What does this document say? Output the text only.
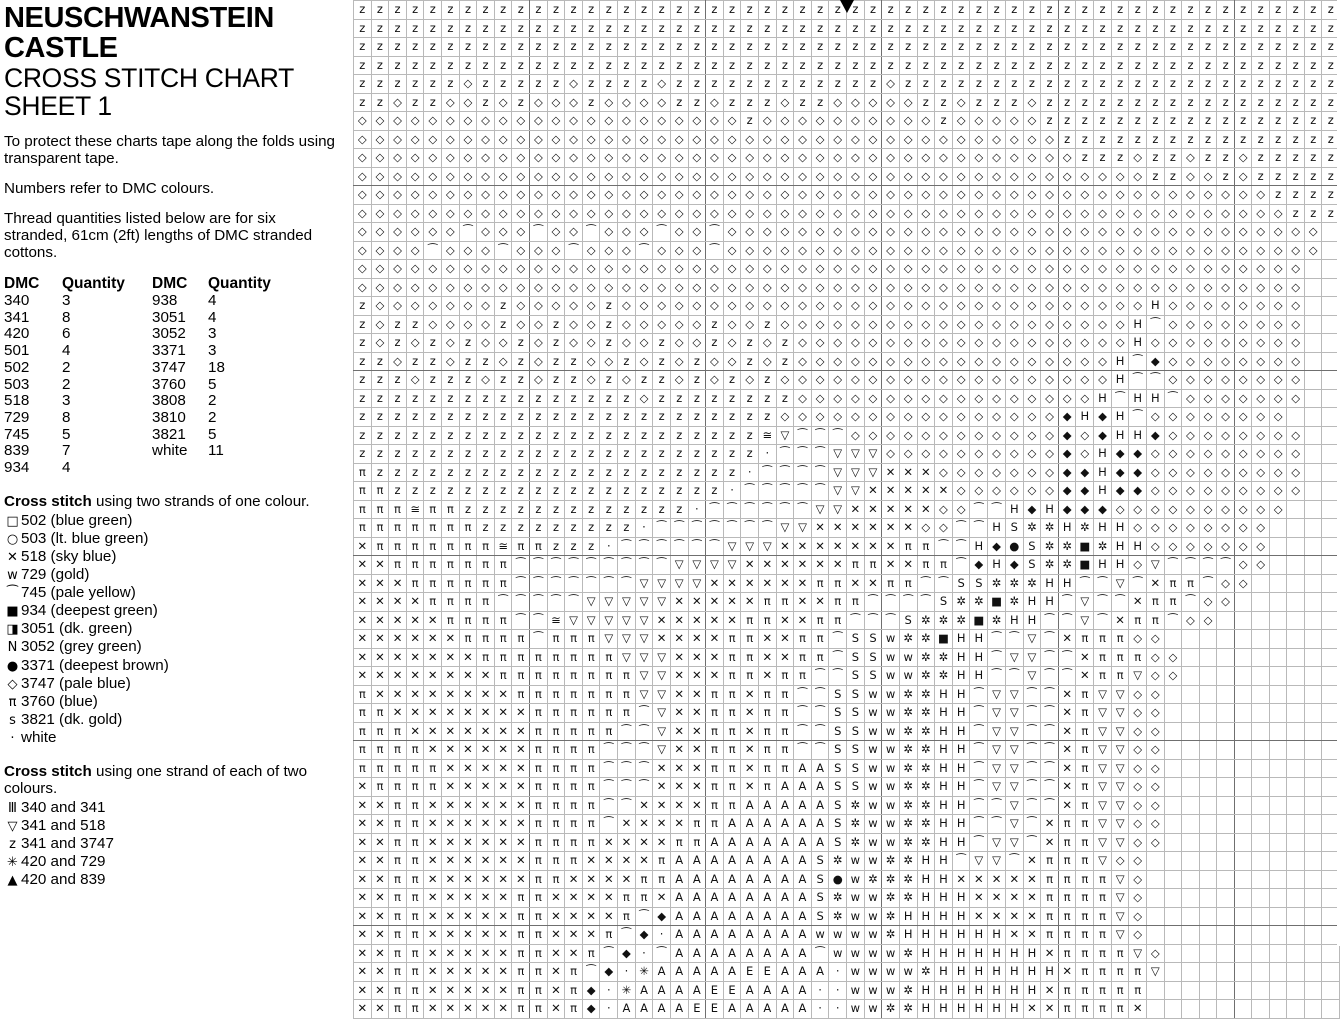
NEUSCHWANSTEIN
CASTLE
CROSS STITCH CHART
SHEET 1
To protect these charts tape along the folds using transparent tape.
Numbers refer to DMC colours.
Thread quantities listed below are for six stranded, 61cm (2ft) lengths of DMC stranded cottons.
DMC	Quantity	DMC	Quantity
340	3	938	4
341	8	3051	4
420	6	3052	3
501	4	3371	3
502	2	3747	18
503	2	3760	5
518	3	3808	2
729	8	3810	2
745	5	3821	5
839	7	white	11
934	4		
Cross stitch using two strands of one colour.
□ 502 (blue green)
○ 503 (lt. blue green)
✕ 518 (sky blue)
w 729 (gold)
⁀ 745 (pale yellow)
■ 934 (deepest green)
◨ 3051 (dk. green)
N 3052 (grey green)
● 3371 (deepest brown)
◇ 3747 (pale blue)
π 3760 (blue)
s 3821 (dk. gold)
· white
Cross stitch using one strand of each of two colours.
Ⅲ 340 and 341
▽ 341 and 518
z 341 and 3747
✳ 420 and 729
▲ 420 and 839
z	z	z	z	z	z	z	z	z	z	z	z	z	z	z	z	z	z	z	z	z	z	z	z	z	z	z	z	z	z	z	z	z	z	z	z	z	z	z	z	z	z	z	z	z	z	z	z	z	z	z	z	z	z	z	z
z	z	z	z	z	z	z	z	z	z	z	z	z	z	z	z	z	z	z	z	z	z	z	z	z	z	z	z	z	z	z	z	z	z	z	z	z	z	z	z	z	z	z	z	z	z	z	z	z	z	z	z	z	z	z	z
z	z	z	z	z	z	z	z	z	z	z	z	z	z	z	z	z	z	z	z	z	z	z	z	z	z	z	z	z	z	z	z	z	z	z	z	z	z	z	z	z	z	z	z	z	z	z	z	z	z	z	z	z	z	z	z
z	z	z	z	z	z	z	z	z	z	z	z	z	z	z	z	z	z	z	z	z	z	z	z	z	z	z	z	z	z	z	z	z	z	z	z	z	z	z	z	z	z	z	z	z	z	z	z	z	z	z	z	z	z	z	z
z	z	z	z	z	z	◇	z	z	z	z	z	◇	z	z	z	z	◇	z	z	z	z	z	z	z	z	z	z	z	z	◇	z	z	z	z	z	z	z	z	z	z	z	z	z	z	z	z	z	z	z	z	z	z	z	z	z
z	z	◇	z	z	◇	◇	z	◇	z	◇	◇	◇	z	◇	◇	◇	◇	z	z	◇	z	z	z	◇	z	z	◇	◇	◇	◇	◇	z	z	◇	z	z	z	◇	z	z	z	z	z	z	z	z	z	z	z	z	z	z	z	z	z
◇	◇	◇	◇	◇	◇	◇	◇	◇	◇	◇	◇	◇	◇	◇	◇	◇	◇	◇	◇	◇	◇	z	◇	◇	◇	◇	◇	◇	◇	◇	◇	◇	z	◇	◇	◇	◇	◇	z	z	z	z	z	z	z	z	z	z	z	z	z	z	z	z	z
◇	◇	◇	◇	◇	◇	◇	◇	◇	◇	◇	◇	◇	◇	◇	◇	◇	◇	◇	◇	◇	◇	◇	◇	◇	◇	◇	◇	◇	◇	◇	◇	◇	◇	◇	◇	◇	◇	◇	◇	z	z	z	z	z	z	z	z	z	z	z	z	z	z	z	z
◇	◇	◇	◇	◇	◇	◇	◇	◇	◇	◇	◇	◇	◇	◇	◇	◇	◇	◇	◇	◇	◇	◇	◇	◇	◇	◇	◇	◇	◇	◇	◇	◇	◇	◇	◇	◇	◇	◇	◇	◇	z	z	z	◇	z	z	◇	z	z	◇	z	z	z	z	z
◇	◇	◇	◇	◇	◇	◇	◇	◇	◇	◇	◇	◇	◇	◇	◇	◇	◇	◇	◇	◇	◇	◇	◇	◇	◇	◇	◇	◇	◇	◇	◇	◇	◇	◇	◇	◇	◇	◇	◇	◇	◇	◇	◇	◇	z	z	◇	◇	z	◇	z	z	z	z	z
◇	◇	◇	◇	◇	◇	◇	◇	◇	◇	◇	◇	◇	◇	◇	◇	◇	◇	◇	◇	◇	◇	◇	◇	◇	◇	◇	◇	◇	◇	◇	◇	◇	◇	◇	◇	◇	◇	◇	◇	◇	◇	◇	◇	◇	◇	◇	◇	◇	◇	◇	◇	z	z	z	z
◇	◇	◇	◇	◇	◇	◇	◇	◇	◇	◇	◇	◇	◇	◇	◇	◇	◇	◇	◇	◇	◇	◇	◇	◇	◇	◇	◇	◇	◇	◇	◇	◇	◇	◇	◇	◇	◇	◇	◇	◇	◇	◇	◇	◇	◇	◇	◇	◇	◇	◇	◇	◇	z	z	z
◇	◇	◇	◇	◇	◇	⁀	◇	◇	◇	⁀	◇	◇	⁀	◇	◇	◇	⁀	◇	◇	⁀	◇	◇	◇	◇	◇	◇	◇	◇	◇	◇	◇	◇	◇	◇	◇	◇	◇	◇	◇	◇	◇	◇	◇	◇	◇	◇	◇	◇	◇	◇	◇	◇	◇	◇	
◇	◇	◇	◇	⁀	◇	◇	◇	⁀	◇	◇	◇	⁀	◇	◇	◇	⁀	◇	◇	◇	⁀	◇	◇	◇	◇	◇	◇	◇	◇	◇	◇	◇	◇	◇	◇	◇	◇	◇	◇	◇	◇	◇	◇	◇	◇	◇	◇	◇	◇	◇	◇	◇	◇	◇	◇	
◇	◇	◇	◇	◇	◇	◇	◇	◇	◇	◇	◇	◇	◇	◇	◇	◇	◇	◇	◇	◇	◇	◇	◇	◇	◇	◇	◇	◇	◇	◇	◇	◇	◇	◇	◇	◇	◇	◇	◇	◇	◇	◇	◇	◇	◇	◇	◇	◇	◇	◇	◇	◇	◇		
◇	◇	◇	◇	◇	◇	◇	◇	◇	◇	◇	◇	◇	◇	◇	◇	◇	◇	◇	◇	◇	◇	◇	◇	◇	◇	◇	◇	◇	◇	◇	◇	◇	◇	◇	◇	◇	◇	◇	◇	◇	◇	◇	◇	◇	◇	◇	◇	◇	◇	◇	◇	◇	◇		
z	◇	◇	◇	◇	◇	◇	◇	z	◇	◇	◇	◇	◇	z	◇	◇	◇	◇	◇	◇	◇	◇	◇	◇	◇	◇	◇	◇	◇	◇	◇	◇	◇	◇	◇	◇	◇	◇	◇	◇	◇	◇	◇	◇	H	◇	◇	◇	◇	◇	◇	◇	◇		
z	◇	z	z	◇	◇	◇	◇	z	◇	◇	z	◇	◇	z	◇	◇	◇	◇	◇	z	◇	◇	z	◇	◇	◇	◇	◇	◇	◇	◇	◇	◇	◇	◇	◇	◇	◇	◇	◇	◇	◇	◇	H	⁀	◇	◇	◇	◇	◇	◇	◇	◇		
z	◇	z	◇	z	◇	z	◇	◇	z	◇	z	◇	◇	z	◇	◇	z	◇	◇	z	◇	z	◇	z	◇	◇	◇	◇	◇	◇	◇	◇	◇	◇	◇	◇	◇	◇	◇	◇	◇	◇	◇	H	◇	◇	◇	◇	◇	◇	◇	◇	◇		
z	z	◇	z	z	◇	z	z	◇	z	◇	z	z	◇	◇	z	◇	z	◇	z	◇	◇	z	◇	z	◇	◇	◇	◇	◇	◇	◇	◇	◇	◇	◇	◇	◇	◇	◇	◇	◇	◇	H	⁀	◆	◇	◇	◇	◇	◇	◇	◇	◇		
z	z	z	◇	z	z	z	◇	z	z	◇	z	z	◇	z	◇	z	z	◇	z	◇	z	◇	z	◇	◇	◇	◇	◇	◇	◇	◇	◇	◇	◇	◇	◇	◇	◇	◇	◇	◇	◇	H	⁀	⁀	◇	◇	◇	◇	◇	◇	◇	◇		
z	z	z	z	z	z	z	z	z	z	z	z	z	z	z	z	◇	z	z	z	z	z	z	z	z	◇	◇	◇	◇	◇	◇	◇	◇	◇	◇	◇	◇	◇	◇	◇	◇	◇	H	⁀	H	H	⁀	◇	◇	◇	◇	◇	◇	◇		
z	z	z	z	z	z	z	z	z	z	z	z	z	z	z	z	z	z	z	z	z	z	z	z	◇	◇	◇	◇	◇	◇	◇	◇	◇	◇	◇	◇	◇	◇	◇	◇	◆	H	◆	H	⁀	◇	◇	◇	◇	◇	◇	◇	◇			
z	z	z	z	z	z	z	z	z	z	z	z	z	z	z	z	z	z	z	z	z	z	z	≅	▽	⁀	⁀	⁀	◇	◇	◇	◇	◇	◇	◇	◇	◇	◇	◇	◇	◆	◇	◆	H	H	◆	◇	◇	◇	◇	◇	◇	◇	◇		
z	z	z	z	z	z	z	z	z	z	z	z	z	z	z	z	z	z	z	z	z	z	z	·	⁀	⁀	⁀	▽	▽	▽	◇	◇	◇	◇	◇	◇	◇	◇	◇	◇	◆	◇	H	◆	◆	◇	◇	◇	◇	◇	◇	◇	◇	◇		
π	z	z	z	z	z	z	z	z	z	z	z	z	z	z	z	z	z	z	z	z	z	·	⁀	⁀	⁀	⁀	▽	▽	▽	✕	✕	✕	◇	◇	◇	◇	◇	◇	◇	◆	◆	H	◆	◆	◇	◇	◇	◇	◇	◇	◇	◇	◇		
π	π	z	z	z	z	z	z	z	z	z	z	z	z	z	z	z	z	z	z	z	·	⁀	⁀	⁀	⁀	⁀	▽	▽	✕	✕	✕	✕	✕	◇	◇	◇	◇	◇	◇	◆	◆	H	◆	◆	◇	◇	◇	◇	◇	◇	◇	◇	◇		
π	π	π	≅	π	π	z	z	z	z	z	z	z	z	z	z	z	z	z	·	⁀	⁀	⁀	⁀	⁀	⁀	▽	▽	✕	✕	✕	✕	✕	◇	◇	⁀	⁀	H	◆	H	◆	◆	◆	◇	◇	◇	◇	◇	◇	◇	◇	◇	◇			
π	π	π	π	π	π	π	z	z	z	z	z	z	z	z	z	·	⁀	⁀	⁀	⁀	⁀	⁀	⁀	▽	▽	✕	✕	✕	✕	✕	✕	◇	◇	⁀	⁀	H	S	✲	✲	H	✲	H	H	◇	◇	◇	◇	◇	◇	◇	◇				
✕	π	π	π	π	π	π	π	≅	π	π	z	z	z	·	⁀	⁀	⁀	⁀	⁀	⁀	▽	▽	▽	✕	✕	✕	✕	✕	✕	✕	π	π	⁀	⁀	H	◆	●	S	✲	✲	■	✲	H	H	◇	◇	◇	◇	◇	◇	◇				
✕	✕	π	π	π	π	π	π	π	⁀	⁀	⁀	⁀	⁀	⁀	⁀	⁀	⁀	▽	▽	▽	▽	✕	✕	✕	✕	✕	✕	π	π	✕	✕	π	π	⁀	◆	H	◆	S	✲	✲	■	H	H	◇	▽	⁀	⁀	⁀	⁀	◇	◇				
✕	✕	✕	π	π	π	π	π	π	⁀	⁀	⁀	⁀	⁀	⁀	⁀	▽	▽	▽	▽	✕	✕	✕	✕	✕	✕	π	π	✕	✕	π	π	⁀	⁀	S	S	✲	✲	✲	H	H	⁀	⁀	▽	⁀	✕	π	π	⁀	◇	◇					
✕	✕	✕	✕	π	π	π	π	⁀	⁀	⁀	⁀	⁀	▽	▽	▽	▽	▽	✕	✕	✕	✕	✕	π	π	✕	✕	π	π	⁀	⁀	⁀	⁀	S	✲	✲	■	✲	H	H	⁀	▽	⁀	⁀	✕	π	π	⁀	◇	◇						
✕	✕	✕	✕	✕	π	π	π	π	⁀	⁀	≅	▽	▽	▽	▽	▽	✕	✕	✕	✕	✕	π	π	✕	✕	π	π	⁀	⁀	⁀	S	✲	✲	✲	■	✲	H	H	⁀	⁀	▽	⁀	✕	π	π	⁀	◇	◇							
✕	✕	✕	✕	✕	✕	π	π	π	π	⁀	π	π	π	▽	▽	▽	✕	✕	✕	✕	π	π	✕	✕	π	π	⁀	S	S	w	✲	✲	■	H	H	⁀	⁀	▽	⁀	✕	π	π	π	◇	◇										
✕	✕	✕	✕	✕	✕	✕	π	π	π	π	π	π	π	π	▽	▽	▽	✕	✕	✕	π	π	✕	✕	π	π	⁀	S	S	w	w	✲	✲	H	H	⁀	▽	▽	⁀	⁀	✕	π	π	π	◇	◇									
✕	✕	✕	✕	✕	✕	✕	✕	π	π	π	π	π	π	π	π	▽	▽	✕	✕	✕	π	π	✕	π	π	⁀	⁀	S	S	w	w	✲	✲	H	H	⁀	⁀	▽	⁀	⁀	✕	π	π	▽	◇	◇									
π	✕	✕	✕	✕	✕	✕	✕	✕	π	π	π	π	π	π	π	▽	▽	✕	✕	π	π	✕	π	π	⁀	⁀	S	S	w	w	✲	✲	H	H	⁀	▽	▽	⁀	⁀	✕	π	▽	▽	◇	◇										
π	π	✕	✕	✕	✕	✕	✕	✕	✕	π	π	π	π	π	π	⁀	▽	✕	✕	π	π	✕	π	π	⁀	⁀	S	S	w	w	✲	✲	H	H	⁀	▽	▽	⁀	⁀	✕	π	▽	▽	◇	◇										
π	π	π	✕	✕	✕	✕	✕	✕	✕	π	π	π	π	π	⁀	⁀	▽	✕	✕	π	π	✕	π	π	⁀	⁀	S	S	w	w	✲	✲	H	H	⁀	▽	▽	⁀	⁀	✕	π	▽	▽	◇	◇										
π	π	π	π	✕	✕	✕	✕	✕	✕	π	π	π	π	⁀	⁀	⁀	▽	✕	✕	π	π	✕	π	π	⁀	⁀	S	S	w	w	✲	✲	H	H	⁀	▽	▽	⁀	⁀	✕	π	▽	▽	◇	◇										
π	π	π	π	π	✕	✕	✕	✕	✕	π	π	π	π	⁀	⁀	⁀	✕	✕	✕	π	π	✕	π	π	A	A	S	S	w	w	✲	✲	H	H	⁀	▽	▽	⁀	⁀	✕	π	▽	▽	◇	◇										
✕	π	π	π	π	✕	✕	✕	✕	✕	π	π	π	π	⁀	⁀	⁀	✕	✕	✕	π	π	✕	π	A	A	A	S	S	w	w	✲	✲	H	H	⁀	▽	▽	⁀	⁀	✕	π	▽	▽	◇	◇										
✕	✕	π	π	✕	✕	✕	✕	✕	✕	π	π	π	π	⁀	⁀	✕	✕	✕	✕	π	π	A	A	A	A	A	S	✲	w	w	✲	✲	H	H	⁀	⁀	▽	⁀	⁀	✕	π	▽	▽	◇	◇										
✕	✕	π	π	✕	✕	✕	✕	✕	✕	π	π	π	π	⁀	✕	✕	✕	✕	π	π	A	A	A	A	A	A	S	✲	w	w	✲	✲	H	H	⁀	⁀	▽	⁀	✕	π	π	▽	▽	◇	◇										
✕	✕	π	π	✕	✕	✕	✕	✕	✕	π	π	π	π	✕	✕	✕	✕	π	π	A	A	A	A	A	A	A	S	✲	w	w	✲	✲	H	H	⁀	▽	▽	⁀	✕	π	π	▽	▽	◇	◇										
✕	✕	π	π	✕	✕	✕	✕	✕	✕	π	π	π	✕	✕	✕	✕	π	A	A	A	A	A	A	A	A	S	✲	w	w	✲	✲	H	H	⁀	▽	▽	⁀	✕	π	π	π	▽	◇	◇											
✕	✕	π	π	✕	✕	✕	✕	✕	✕	π	π	✕	✕	✕	✕	π	π	A	A	A	A	A	A	A	A	S	●	w	✲	✲	✲	H	H	✕	✕	✕	✕	✕	π	π	π	π	▽	◇											
✕	✕	π	π	✕	✕	✕	✕	✕	π	π	✕	✕	✕	✕	π	π	✕	A	A	A	A	A	A	A	A	S	✲	w	w	✲	✲	H	H	H	✕	✕	✕	✕	π	π	π	π	▽	◇											
✕	✕	π	π	✕	✕	✕	✕	✕	π	π	✕	✕	✕	✕	π	⁀	◆	A	A	A	A	A	A	A	A	S	✲	w	w	✲	H	H	H	H	✕	✕	✕	✕	π	π	π	π	▽	◇											
✕	✕	π	π	✕	✕	✕	✕	✕	π	π	✕	✕	✕	π	⁀	◆	·	A	A	A	A	A	A	A	A	w	w	w	w	✲	H	H	H	H	H	H	✕	✕	π	π	π	π	▽	◇											
✕	✕	π	π	✕	✕	✕	✕	✕	π	π	✕	✕	π	⁀	◆	·	⁀	A	A	A	A	A	A	A	A	⁀	w	w	w	w	✲	H	H	H	H	H	H	H	✕	π	π	π	π	▽	◇										
✕	✕	π	π	✕	✕	✕	✕	✕	π	π	✕	π	⁀	◆	·	✳	A	A	A	A	A	E	E	A	A	A	·	w	w	w	w	✲	H	H	H	H	H	H	H	✕	π	π	π	π	▽										
✕	✕	π	π	✕	✕	✕	✕	✕	π	π	✕	π	◆	·	✳	A	A	A	A	E	E	A	A	A	A	·	·	w	w	w	✲	H	H	H	H	H	H	H	✕	π	π	π	π	π											
✕	✕	π	π	✕	✕	✕	✕	✕	π	π	✕	π	◆	·	A	A	A	A	E	E	A	A	A	A	A	·	·	w	w	✲	✲	H	H	H	H	H	H	✕	✕	π	π	π	π	✕											
